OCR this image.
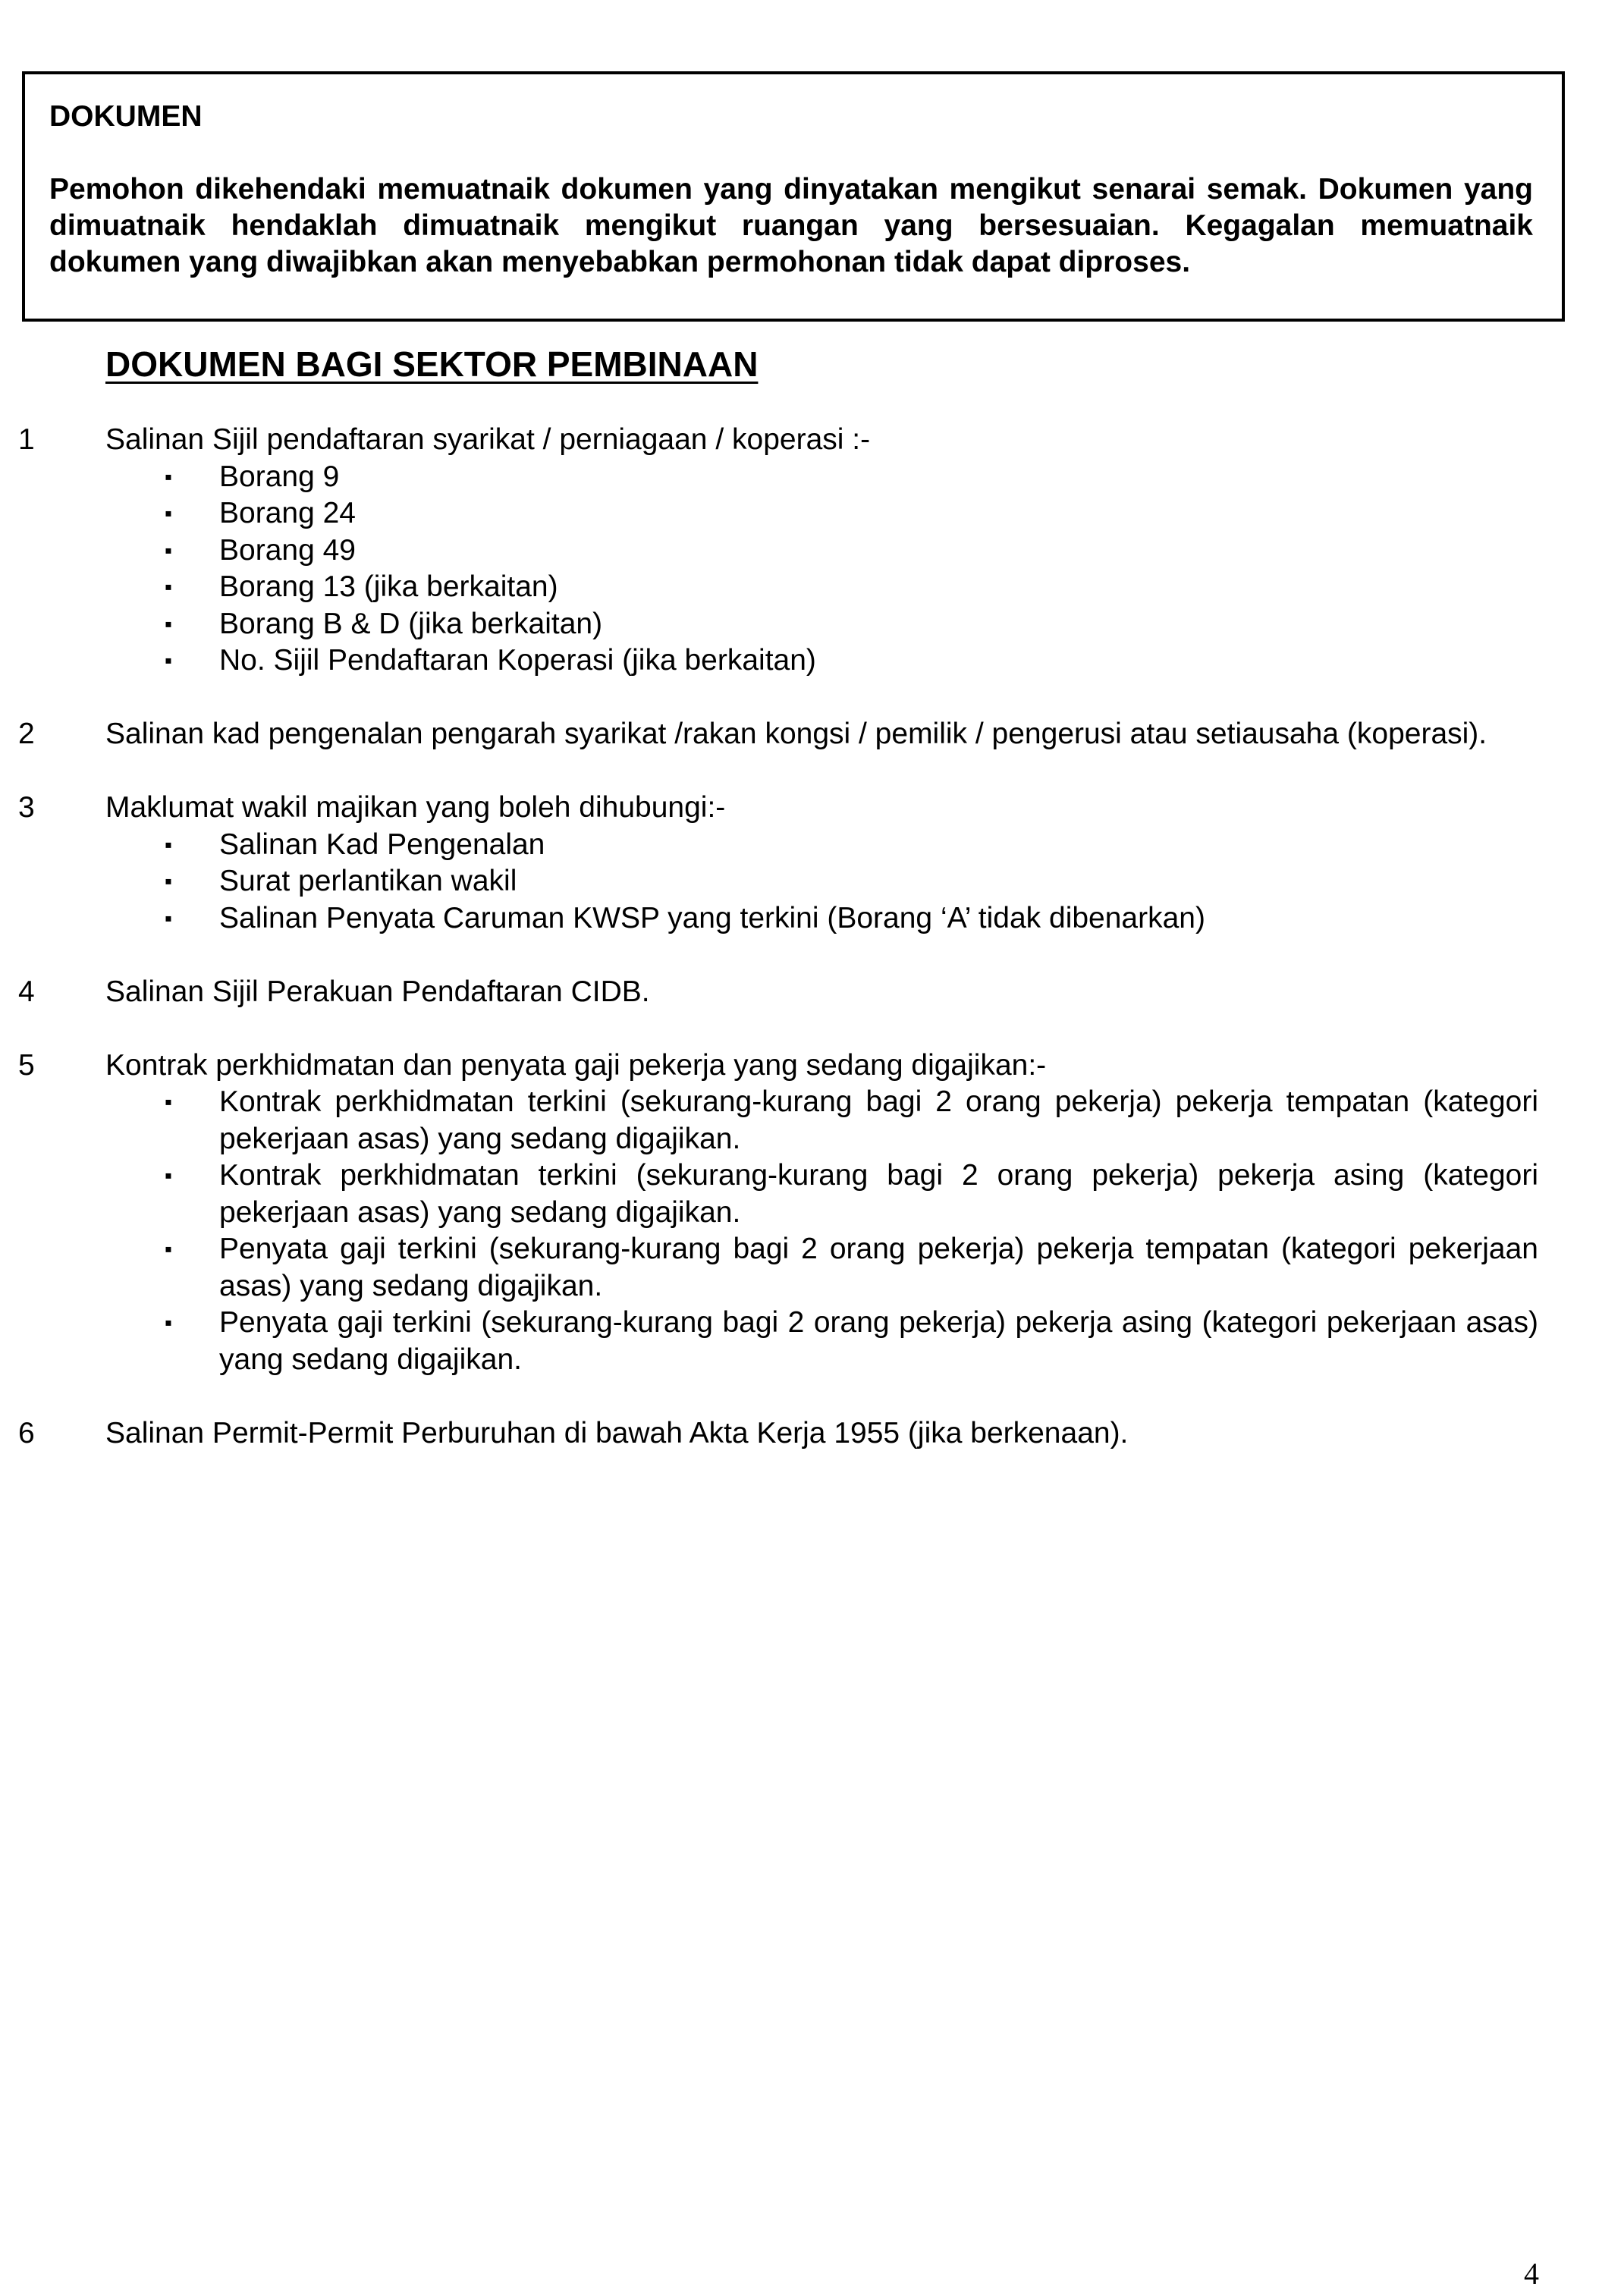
DOKUMEN

Pemohon dikehendaki memuatnaik dokumen yang dinyatakan mengikut senarai semak. Dokumen yang dimuatnaik hendaklah dimuatnaik mengikut ruangan yang bersesuaian. Kegagalan memuatnaik dokumen yang diwajibkan akan menyebabkan permohonan tidak dapat diproses.

DOKUMEN BAGI SEKTOR PEMBINAAN
1 Salinan Sijil pendaftaran syarikat / perniagaan / koperasi :-
▪ Borang 9
▪ Borang 24
▪ Borang 49
▪ Borang 13 (jika berkaitan)
▪ Borang B & D (jika berkaitan)
▪ No. Sijil Pendaftaran Koperasi (jika berkaitan)
2 Salinan kad pengenalan pengarah syarikat /rakan kongsi / pemilik / pengerusi atau setiausaha (koperasi).
3 Maklumat wakil majikan yang boleh dihubungi:-
▪ Salinan Kad Pengenalan
▪ Surat perlantikan wakil
▪ Salinan Penyata Caruman KWSP yang terkini (Borang ‘A’ tidak dibenarkan)
4 Salinan Sijil Perakuan Pendaftaran CIDB.
5 Kontrak perkhidmatan dan penyata gaji pekerja yang sedang digajikan:-
▪ Kontrak perkhidmatan terkini (sekurang-kurang bagi 2 orang pekerja) pekerja tempatan (kategori pekerjaan asas) yang sedang digajikan.
▪ Kontrak perkhidmatan terkini (sekurang-kurang bagi 2 orang pekerja) pekerja asing (kategori pekerjaan asas) yang sedang digajikan.
▪ Penyata gaji terkini (sekurang-kurang bagi 2 orang pekerja) pekerja tempatan (kategori pekerjaan asas) yang sedang digajikan.
▪ Penyata gaji terkini (sekurang-kurang bagi 2 orang pekerja) pekerja asing (kategori pekerjaan asas) yang sedang digajikan.
6 Salinan Permit-Permit Perburuhan di bawah Akta Kerja 1955 (jika berkenaan).
4
